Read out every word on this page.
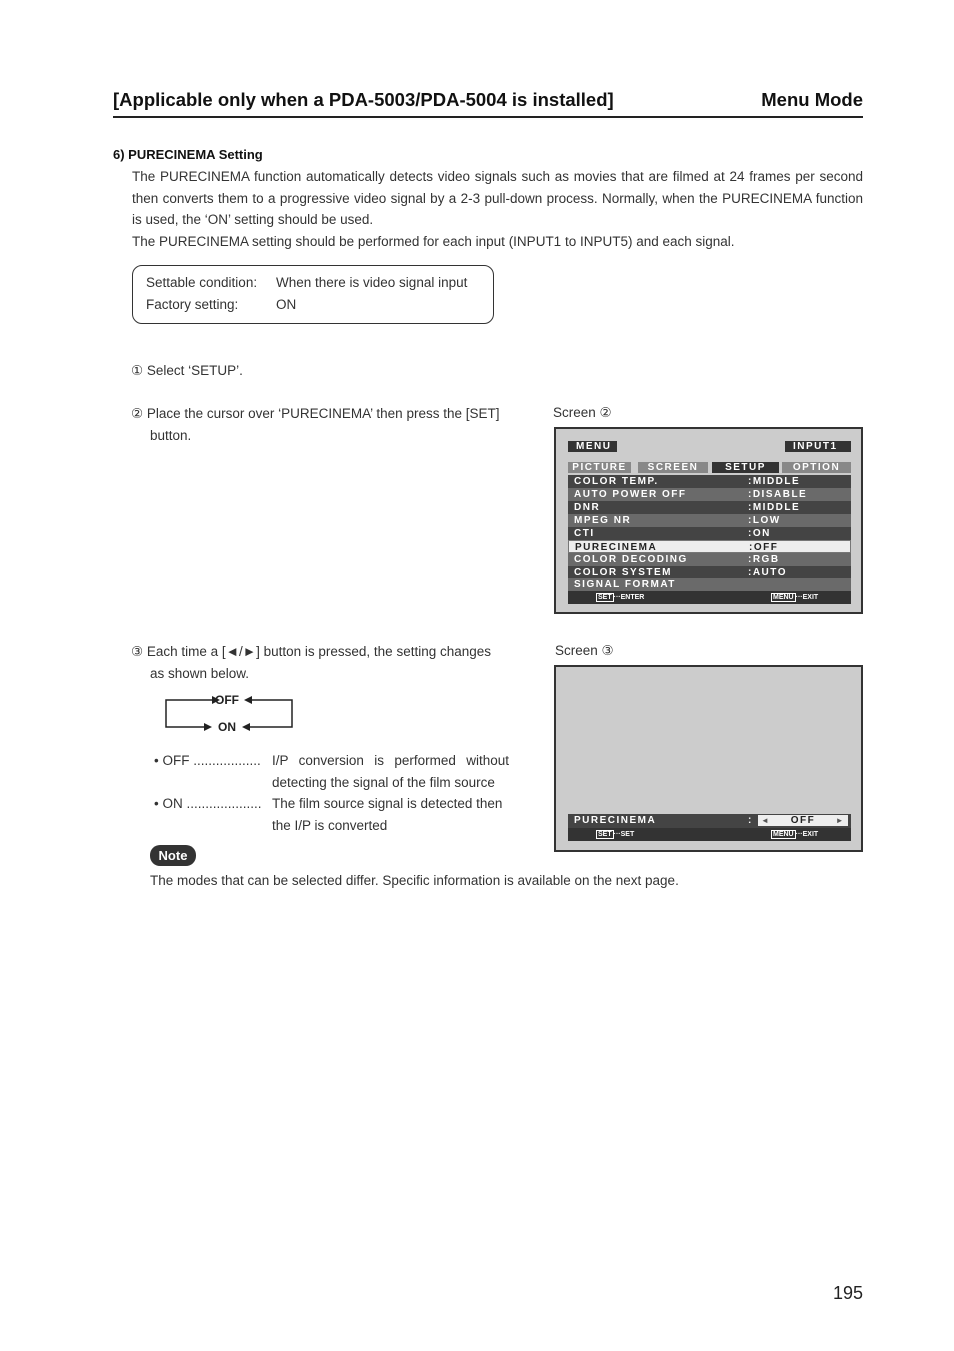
[Applicable only when a PDA-5003/PDA-5004 is installed]	Menu Mode
6) PURECINEMA Setting
The PURECINEMA function automatically detects video signals such as movies that are filmed at 24 frames per second then converts them to a progressive video signal by a 2-3 pull-down process. Normally, when the PURECINEMA function is used, the ‘ON’ setting should be used.
The PURECINEMA setting should be performed for each input (INPUT1 to INPUT5) and each signal.
Settable condition: When there is video signal input
Factory setting:	ON
① Select ‘SETUP’.
② Place the cursor over ‘PURECINEMA’ then press the [SET]
button.
Screen ②
MENU	INPUT1
PICTURE	SCREEN	SETUP	OPTION
COLOR TEMP.	:MIDDLE
AUTO POWER OFF	:DISABLE
DNR	:MIDDLE
MPEG NR	:LOW
CTI	:ON
PURECINEMA	:OFF
COLOR DECODING	:RGB
COLOR SYSTEM	:AUTO
SIGNAL FORMAT
SET ···ENTER	MENU ···EXIT
③ Each time a [◄/►] button is pressed, the setting changes
as shown below.
OFF
ON
• OFF .................. I/P conversion is performed without
detecting the signal of the film source
• ON .................... The film source signal is detected then
the I/P is converted
Screen ③
PURECINEMA	: ◄ OFF	►
SET ···SET	MENU ···EXIT
Note
The modes that can be selected differ. Specific information is available on the next page.
195
